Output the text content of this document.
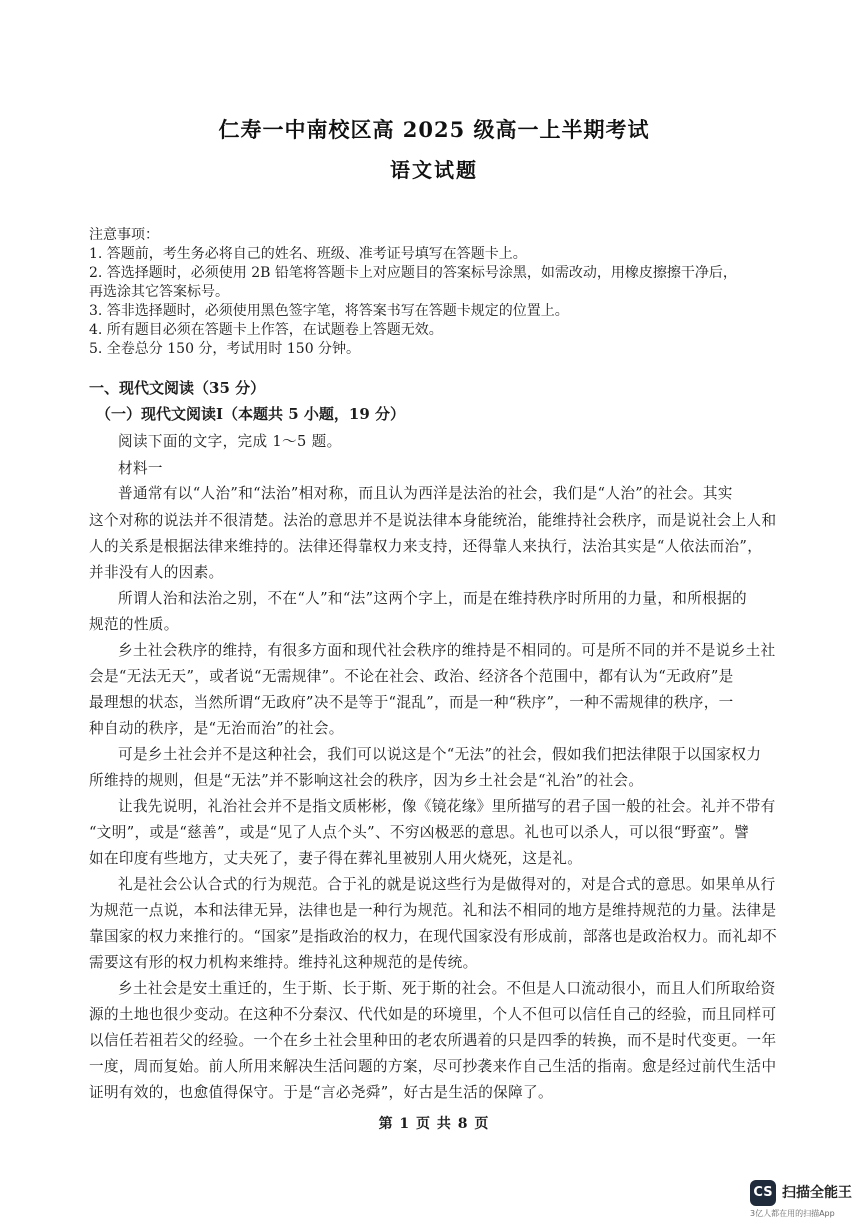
仁寿一中南校区高 2025 级高一上半期考试
语文试题
注意事项：
1. 答题前，考生务必将自己的姓名、班级、准考证号填写在答题卡上。
2. 答选择题时，必须使用 2B 铅笔将答题卡上对应题目的答案标号涂黑，如需改动，用橡皮擦擦干净后，
再选涂其它答案标号。
3. 答非选择题时，必须使用黑色签字笔，将答案书写在答题卡规定的位置上。
4. 所有题目必须在答题卡上作答，在试题卷上答题无效。
5. 全卷总分 150 分，考试用时 150 分钟。
一、现代文阅读（35 分）
（一）现代文阅读Ⅰ（本题共 5 小题，19 分）
阅读下面的文字，完成 1～5 题。
材料一
普通常有以“人治”和“法治”相对称，而且认为西洋是法治的社会，我们是“人治”的社会。其实
这个对称的说法并不很清楚。法治的意思并不是说法律本身能统治，能维持社会秩序，而是说社会上人和
人的关系是根据法律来维持的。法律还得靠权力来支持，还得靠人来执行，法治其实是“人依法而治”，
并非没有人的因素。
所谓人治和法治之别，不在“人”和“法”这两个字上，而是在维持秩序时所用的力量，和所根据的
规范的性质。
乡土社会秩序的维持，有很多方面和现代社会秩序的维持是不相同的。可是所不同的并不是说乡土社
会是“无法无天”，或者说“无需规律”。不论在社会、政治、经济各个范围中，都有认为“无政府”是
最理想的状态，当然所谓“无政府”决不是等于“混乱”，而是一种“秩序”，一种不需规律的秩序，一
种自动的秩序，是“无治而治”的社会。
可是乡土社会并不是这种社会，我们可以说这是个“无法”的社会，假如我们把法律限于以国家权力
所维持的规则，但是“无法”并不影响这社会的秩序，因为乡土社会是“礼治”的社会。
让我先说明，礼治社会并不是指文质彬彬，像《镜花缘》里所描写的君子国一般的社会。礼并不带有
“文明”，或是“慈善”，或是“见了人点个头”、不穷凶极恶的意思。礼也可以杀人，可以很“野蛮”。譬
如在印度有些地方，丈夫死了，妻子得在葬礼里被别人用火烧死，这是礼。
礼是社会公认合式的行为规范。合于礼的就是说这些行为是做得对的，对是合式的意思。如果单从行
为规范一点说，本和法律无异，法律也是一种行为规范。礼和法不相同的地方是维持规范的力量。法律是
靠国家的权力来推行的。“国家”是指政治的权力，在现代国家没有形成前，部落也是政治权力。而礼却不
需要这有形的权力机构来维持。维持礼这种规范的是传统。
乡土社会是安土重迁的，生于斯、长于斯、死于斯的社会。不但是人口流动很小，而且人们所取给资
源的土地也很少变动。在这种不分秦汉、代代如是的环境里，个人不但可以信任自己的经验，而且同样可
以信任若祖若父的经验。一个在乡土社会里种田的老农所遇着的只是四季的转换，而不是时代变更。一年
一度，周而复始。前人所用来解决生活问题的方案，尽可抄袭来作自己生活的指南。愈是经过前代生活中
证明有效的，也愈值得保守。于是“言必尧舜”，好古是生活的保障了。
第 1 页 共 8 页
CS 扫描全能王
3亿人都在用的扫描App
